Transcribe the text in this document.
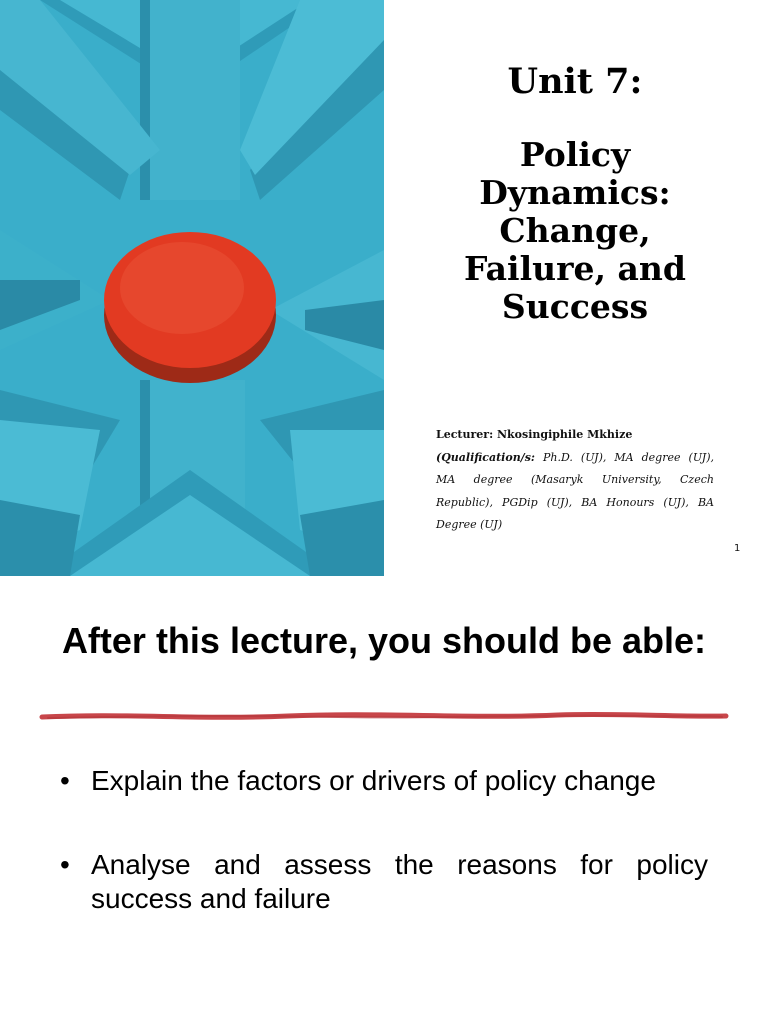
Unit 7:
Policy
Dynamics:
Change,
Failure, and
Success
Lecturer: Nkosingiphile Mkhize
(Qualification/s: Ph.D. (UJ), MA degree (UJ), MA degree (Masaryk University, Czech Republic), PGDip (UJ), BA Honours (UJ), BA Degree (UJ)
1
After this lecture, you should be able:
• Explain the factors or drivers of policy change
• Analyse and assess the reasons for policy success and failure
